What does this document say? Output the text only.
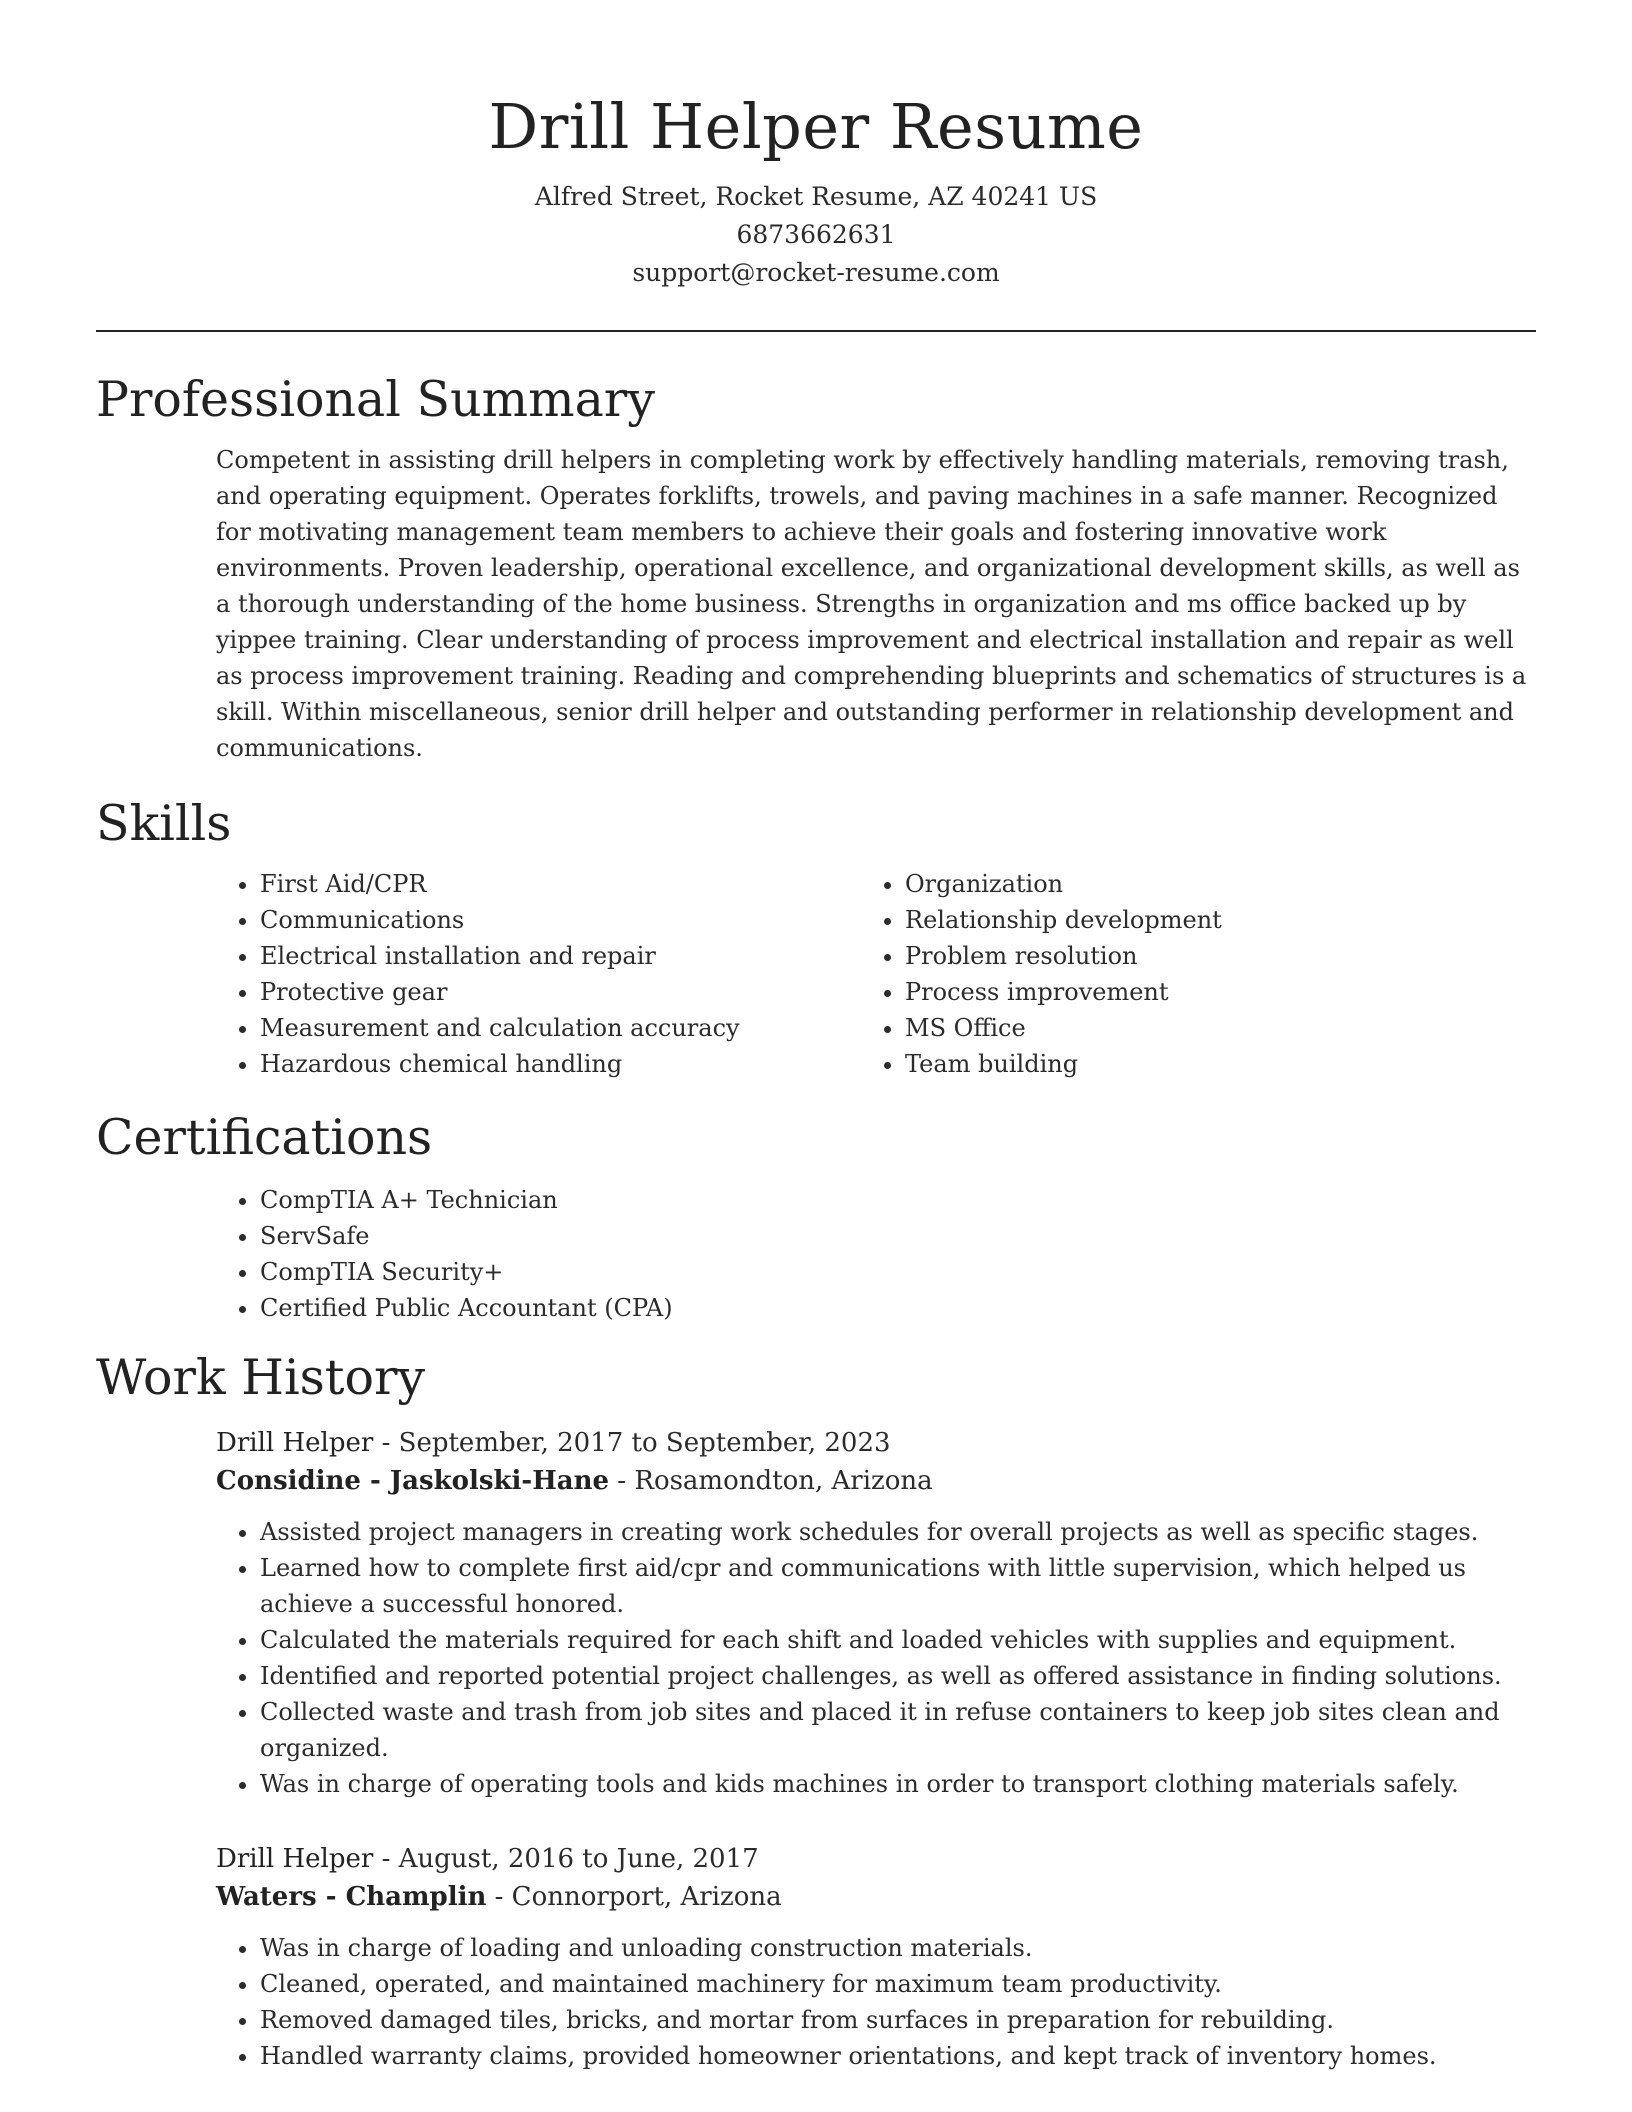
Drill Helper Resume
Alfred Street, Rocket Resume, AZ 40241 US
6873662631
support@rocket-resume.com
Professional Summary

Competent in assisting drill helpers in completing work by effectively handling materials, removing trash, and operating equipment. Operates forklifts, trowels, and paving machines in a safe manner. Recognized for motivating management team members to achieve their goals and fostering innovative work environments. Proven leadership, operational excellence, and organizational development skills, as well as a thorough understanding of the home business. Strengths in organization and ms office backed up by yippee training. Clear understanding of process improvement and electrical installation and repair as well as process improvement training. Reading and comprehending blueprints and schematics of structures is a skill. Within miscellaneous, senior drill helper and outstanding performer in relationship development and communications.

Skills
• First Aid/CPR
• Communications
• Electrical installation and repair
• Protective gear
• Measurement and calculation accuracy
• Hazardous chemical handling
• Organization
• Relationship development
• Problem resolution
• Process improvement
• MS Office
• Team building
Certifications
• CompTIA A+ Technician
• ServSafe
• CompTIA Security+
• Certified Public Accountant (CPA)
Work History
Drill Helper - September, 2017 to September, 2023
Considine - Jaskolski-Hane - Rosamondton, Arizona
• Assisted project managers in creating work schedules for overall projects as well as specific stages.
• Learned how to complete first aid/cpr and communications with little supervision, which helped us achieve a successful honored.
• Calculated the materials required for each shift and loaded vehicles with supplies and equipment.
• Identified and reported potential project challenges, as well as offered assistance in finding solutions.
• Collected waste and trash from job sites and placed it in refuse containers to keep job sites clean and organized.
• Was in charge of operating tools and kids machines in order to transport clothing materials safely.
Drill Helper - August, 2016 to June, 2017
Waters - Champlin - Connorport, Arizona
• Was in charge of loading and unloading construction materials.
• Cleaned, operated, and maintained machinery for maximum team productivity.
• Removed damaged tiles, bricks, and mortar from surfaces in preparation for rebuilding.
• Handled warranty claims, provided homeowner orientations, and kept track of inventory homes.
